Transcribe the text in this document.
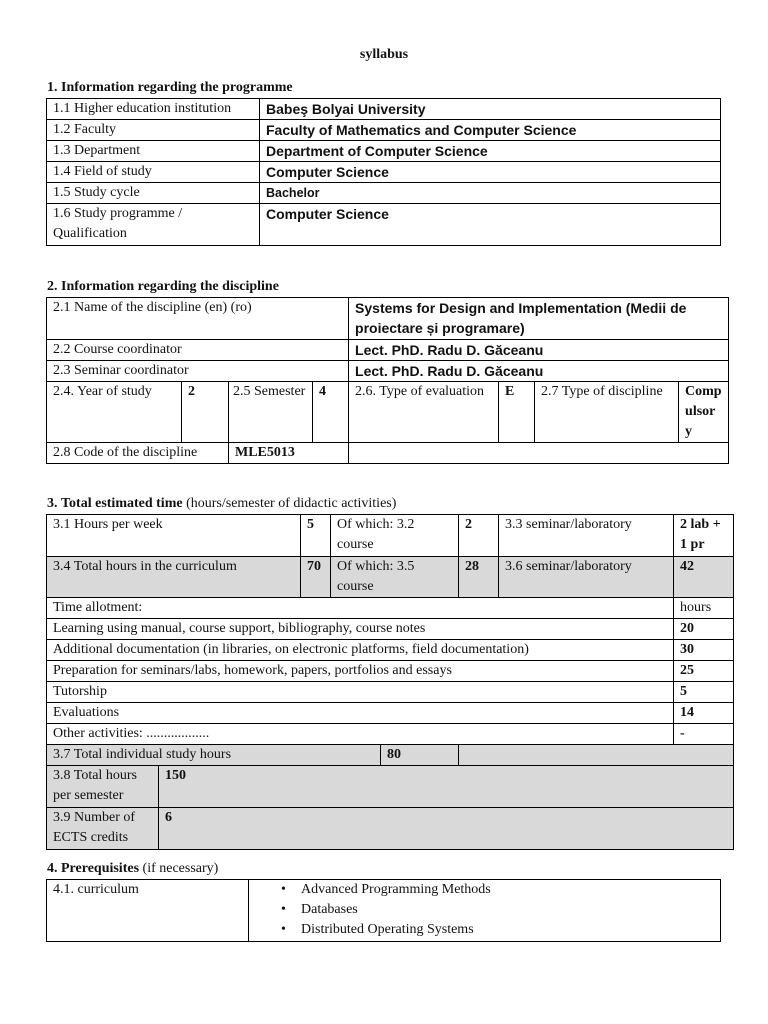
syllabus
1. Information regarding the programme
1.1 Higher education institution	Babeş Bolyai University
1.2 Faculty	Faculty of Mathematics and Computer Science
1.3 Department	Department of Computer Science
1.4 Field of study	Computer Science
1.5 Study cycle	Bachelor
1.6 Study programme / Qualification	Computer Science
2. Information regarding the discipline
2.1 Name of the discipline (en) (ro)				Systems for Design and Implementation (Medii de proiectare și programare)			
2.2 Course coordinator				Lect. PhD. Radu D. Găceanu			
2.3 Seminar coordinator				Lect. PhD. Radu D. Găceanu			
2.4. Year of study	2	2.5 Semester	4	2.6. Type of evaluation	E	2.7 Type of discipline	Compulsory
2.8 Code of the discipline		MLE5013					
3. Total estimated time (hours/semester of didactic activities)
3.1 Hours per week		5	Of which: 3.2 course		2	3.3 seminar/laboratory	2 lab + 1 pr
3.4 Total hours in the curriculum		70	Of which: 3.5 course		28	3.6 seminar/laboratory	42
Time allotment:							hours
Learning using manual, course support, bibliography, course notes							20
Additional documentation (in libraries, on electronic platforms, field documentation)							30
Preparation for seminars/labs, homework, papers, portfolios and essays							25
Tutorship							5
Evaluations							14
Other activities: ..................							-
3.7 Total individual study hours				80			
3.8 Total hours per semester	150						
3.9 Number of ECTS credits	6						
4. Prerequisites (if necessary)
4.1. curriculum	• Advanced Programming Methods
• Databases
• Distributed Operating Systems
